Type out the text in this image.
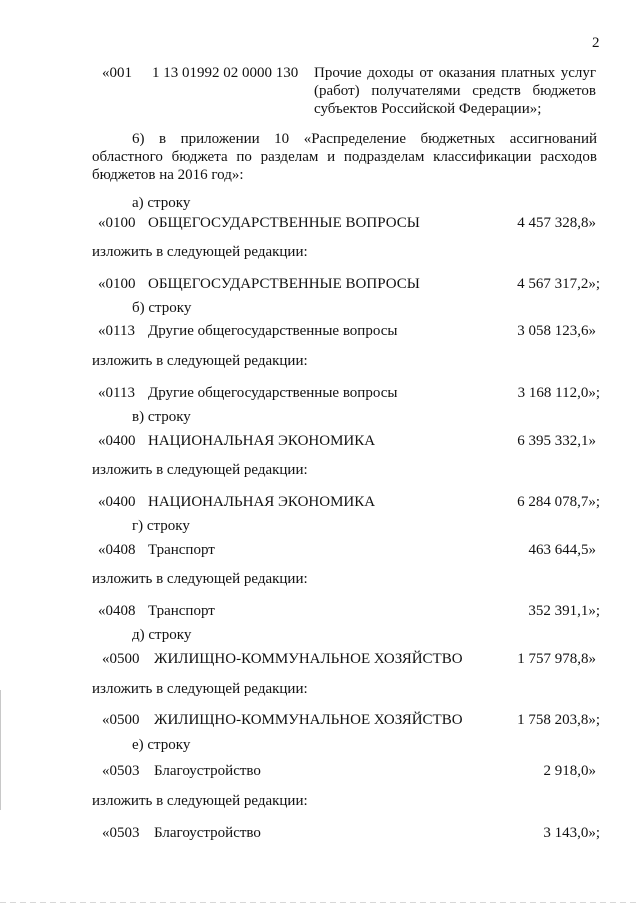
2
«001 1 13 01992 02 0000 130 Прочие доходы от оказания платных услуг
(работ) получателями средств бюджетов
субъектов Российской Федерации»;
6) в приложении 10 «Распределение бюджетных ассигнований
областного бюджета по разделам и подразделам классификации расходов бюджетов на 2016 год»:
а) строку
«0100 ОБЩЕГОСУДАРСТВЕННЫЕ ВОПРОСЫ	4 457 328,8»
изложить в следующей редакции:
«0100 ОБЩЕГОСУДАРСТВЕННЫЕ ВОПРОСЫ	4 567 317,2»;
б) строку
«0113 Другие общегосударственные вопросы	3 058 123,6»
изложить в следующей редакции:
«0113 Другие общегосударственные вопросы	3 168 112,0»;
в) строку
«0400 НАЦИОНАЛЬНАЯ ЭКОНОМИКА	6 395 332,1»
изложить в следующей редакции:
«0400 НАЦИОНАЛЬНАЯ ЭКОНОМИКА	6 284 078,7»;
г) строку
«0408 Транспорт	463 644,5»
изложить в следующей редакции:
«0408 Транспорт	352 391,1»;
д) строку
«0500 ЖИЛИЩНО-КОММУНАЛЬНОЕ ХОЗЯЙСТВО	1 757 978,8»
изложить в следующей редакции:
«0500 ЖИЛИЩНО-КОММУНАЛЬНОЕ ХОЗЯЙСТВО	1 758 203,8»;
е) строку
«0503 Благоустройство	2 918,0»
изложить в следующей редакции:
«0503 Благоустройство	3 143,0»;
